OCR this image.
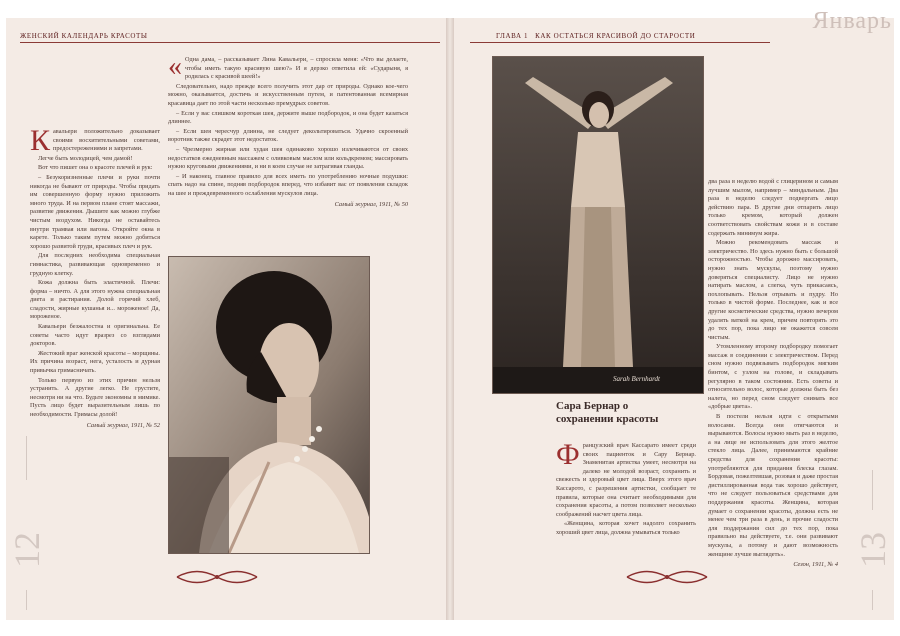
ЖЕНСКИЙ КАЛЕНДАРЬ КРАСОТЫ
12
К авальери положительно доказывает своими восхитительными советами, предостережениями и запретами.

Легче быть молодицей, чем дамой!

Вот что пишет она о красоте плечей и рук:

– Безукоризненные плечи и руки почти никогда не бывают от природы. Чтобы придать им совершенную форму нужно приложить много труда. И на первом плане стоят массажи, развитие движения. Дышите как можно глубже чистым воздухом. Никогда не оставайтесь внутри трамвая или вагона. Откройте окна в карете. Только таким путем можно добиться хорошо развитой груди, красивых плеч и рук.

Для последних необходима специальная гимнастика, развивающая одновременно и грудную клетку.

Кожа должна быть эластичной. Плечи: форма – ничто. А для этого нужна специальная диета и растирания. Долой горячий хлеб, сладости, жирные кушанья и... мороженое! Да, мороженое.

Кавальери безжалостна и оригинальна. Ее советы часто идут вразрез со взглядами докторов.

Жестокий враг женской красоты – морщины. Их причина возраст, нега, усталость и дурная привычка гримасничать.

Только первую из этих причин нельзя устранить. А другие легко. Не грустите, несмотря ни на что. Будьте экономны в мимике. Пусть лицо будет выразительным лишь по необходимости. Гримасы долой!

Самый журнал, 1911, № 52
« Одна дама, – рассказывает Лина Кавальери, – спросила меня: «Что вы делаете, чтобы иметь такую красивую шею?» И я дерзко ответила ей: «Сударыня, я родилась с красивой шеей!»

Следовательно, надо прежде всего получить этот дар от природы. Однако кое-чего можно, оказывается, достичь и искусственным путем, и патентованная всемирная красавица дает по этой части несколько премудрых советов.

– Если у вас слишком короткая шея, держите выше подбородок, и она будет казаться длиннее.

– Если шея чересчур длинна, не следует декольтироваться. Удачно скроенный воротник также скрадет этот недостаток.

– Чрезмерно жирная или худая шея одинаково хорошо излечиваются от своих недостатков ежедневным массажем с оливковым маслом или кольдкремом; массировать нужно круговыми движениями, и ни в коем случае не затрагивая гланды.

– И наконец, главное правило для всех иметь по употреблению ночные подушки: спать надо на спине, подняв подбородок вперед, что избавит вас от появления складок на шее и преждевременного ослабления мускулов лица.

Самый журнал, 1911, № 50
Январь
ГЛАВА 1 КАК ОСТАТЬСЯ КРАСИВОЙ ДО СТАРОСТИ
Sarah Bernhardt
Сара Бернар о сохранении красоты
Ф ранцузский врач Кассарато имеет среди своих пациенток и Сару Бернар. Знаменитая артистка умеет, несмотря на далеко не молодой возраст, сохранить и свежесть и здоровый цвет лица. Вверх этого врач Кассарото, с разрешения артистки, сообщает те правила, которые она считает необходимыми для сохранения красоты, а потом позволяет несколько соображений насчет цвета лица.

«Женщина, которая хочет надолго сохранить хороший цвет лица, должна умываться только

два раза в неделю водой с глицерином и самым лучшим мылом, например – миндальным. Два раза в неделю следует подвергать лицо действию пара. В другие дни отпарить лицо только кремом, который должен соответствовать свойствам кожи и в составе содержать минимум жира.

Можно рекомендовать массаж и электричество. Но здесь нужно быть с большой осторожностью. Чтобы дорожно массировать, нужно знать мускулы, поэтому нужно доверяться специалисту. Лицо не нужно натирать маслом, а слегка, чуть прикасаясь, похлопывать. Нельзя отрывать и пудру. Но только в чистой форме. Последнее, как и все другие косметические средства, нужно вечером удалять ваткой на крем, причем повторять это до тех пор, пока лицо не окажется совсем чистым.

Утомленному второму подбородку помогает массаж в соединении с электричеством. Перед сном нужно подвязывать подбородок мягким бинтом, с узлом на голове, и складывать регулярно в таком состоянии. Есть советы и относительно волос, которые должны быть без налета, но перед сном следует снимать все «добрые цвета».

В постели нельзя идти с открытыми волосами. Всегда они отягчаются и вырываются. Волосы нужно мыть раз в неделю, а на лице не использовать для этого желтое стекло лица. Далее, принимаются крайние средства для сохранения красоты: употребляются для придания блеска глазам. Бордовая, пожелтевшая, розовая и даже простая дистиллированная вода так хорошо действует, что не следует пользоваться средствами для поддержания красоты. Женщина, которая думает о сохранении красоты, должна есть не менее чем три раза в день, и прочие сладости для поддержания сил до тех пор, пока правильно вы действуете, т.е. они развивают мускулы, а потому и дают возможность женщине лучше выглядеть».

Сезон, 1911, № 4 13
